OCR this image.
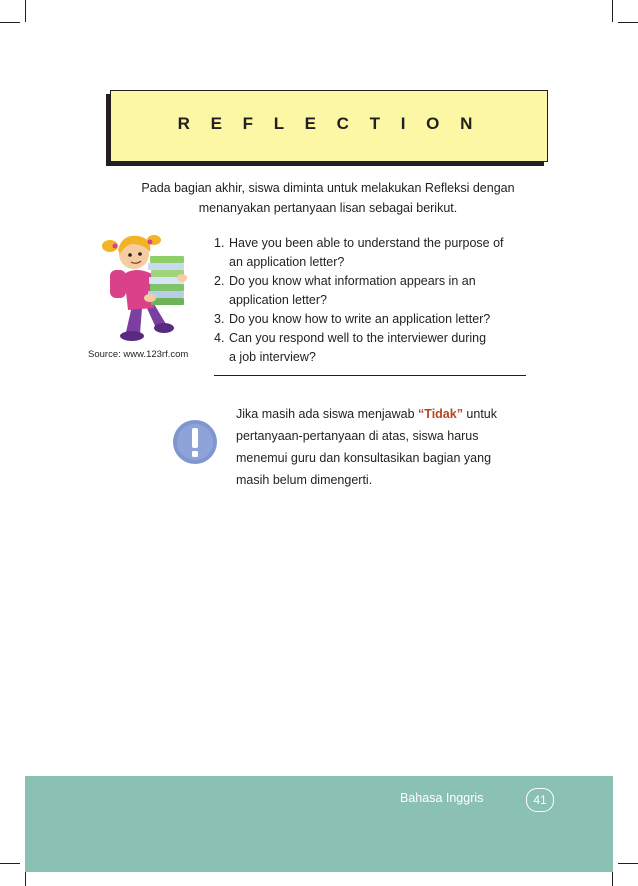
R E F L E C T I O N
Pada bagian akhir, siswa diminta untuk melakukan Refleksi dengan
menanyakan pertanyaan lisan sebagai berikut.
Source: www.123rf.com
1. Have you been able to understand the purpose of
an application letter?
2. Do you know what information appears in an
application letter?
3. Do you know how to write an application letter?
4. Can you respond well to the interviewer during
a job interview?
Jika masih ada siswa menjawab “Tidak” untuk
pertanyaan-pertanyaan di atas, siswa harus
menemui guru dan konsultasikan bagian yang
masih belum dimengerti.
Bahasa Inggris	41
